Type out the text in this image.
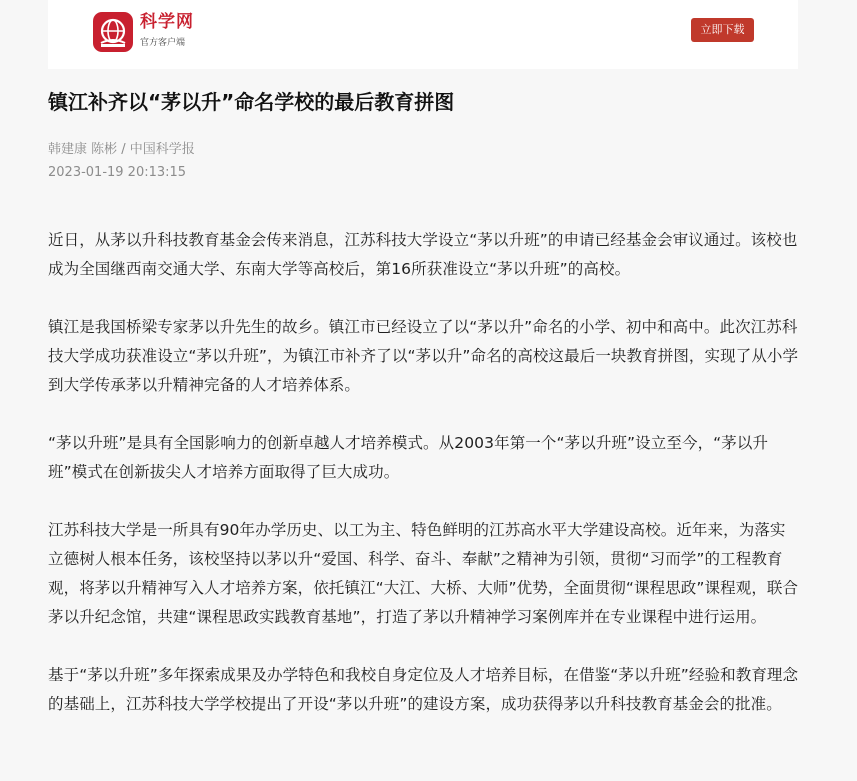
科学网
官方客户端
立即下载
镇江补齐以“茅以升”命名学校的最后教育拼图
韩建康 陈彬 / 中国科学报
2023-01-19 20:13:15

近日，从茅以升科技教育基金会传来消息，江苏科技大学设立“茅以升班”的申请已经基金会审议通过。该校也成为全国继西南交通大学、东南大学等高校后，第16所获准设立“茅以升班”的高校。

镇江是我国桥梁专家茅以升先生的故乡。镇江市已经设立了以“茅以升”命名的小学、初中和高中。此次江苏科技大学成功获准设立“茅以升班”，为镇江市补齐了以“茅以升”命名的高校这最后一块教育拼图，实现了从小学到大学传承茅以升精神完备的人才培养体系。

“茅以升班”是具有全国影响力的创新卓越人才培养模式。从2003年第一个“茅以升班”设立至今，“茅以升班”模式在创新拔尖人才培养方面取得了巨大成功。

江苏科技大学是一所具有90年办学历史、以工为主、特色鲜明的江苏高水平大学建设高校。近年来，为落实立德树人根本任务，该校坚持以茅以升“爱国、科学、奋斗、奉献”之精神为引领，贯彻“习而学”的工程教育观，将茅以升精神写入人才培养方案，依托镇江“大江、大桥、大师”优势，全面贯彻“课程思政”课程观，联合茅以升纪念馆，共建“课程思政实践教育基地”，打造了茅以升精神学习案例库并在专业课程中进行运用。

基于“茅以升班”多年探索成果及办学特色和我校自身定位及人才培养目标，在借鉴“茅以升班”经验和教育理念的基础上，江苏科技大学学校提出了开设“茅以升班”的建设方案，成功获得茅以升科技教育基金会的批准。
